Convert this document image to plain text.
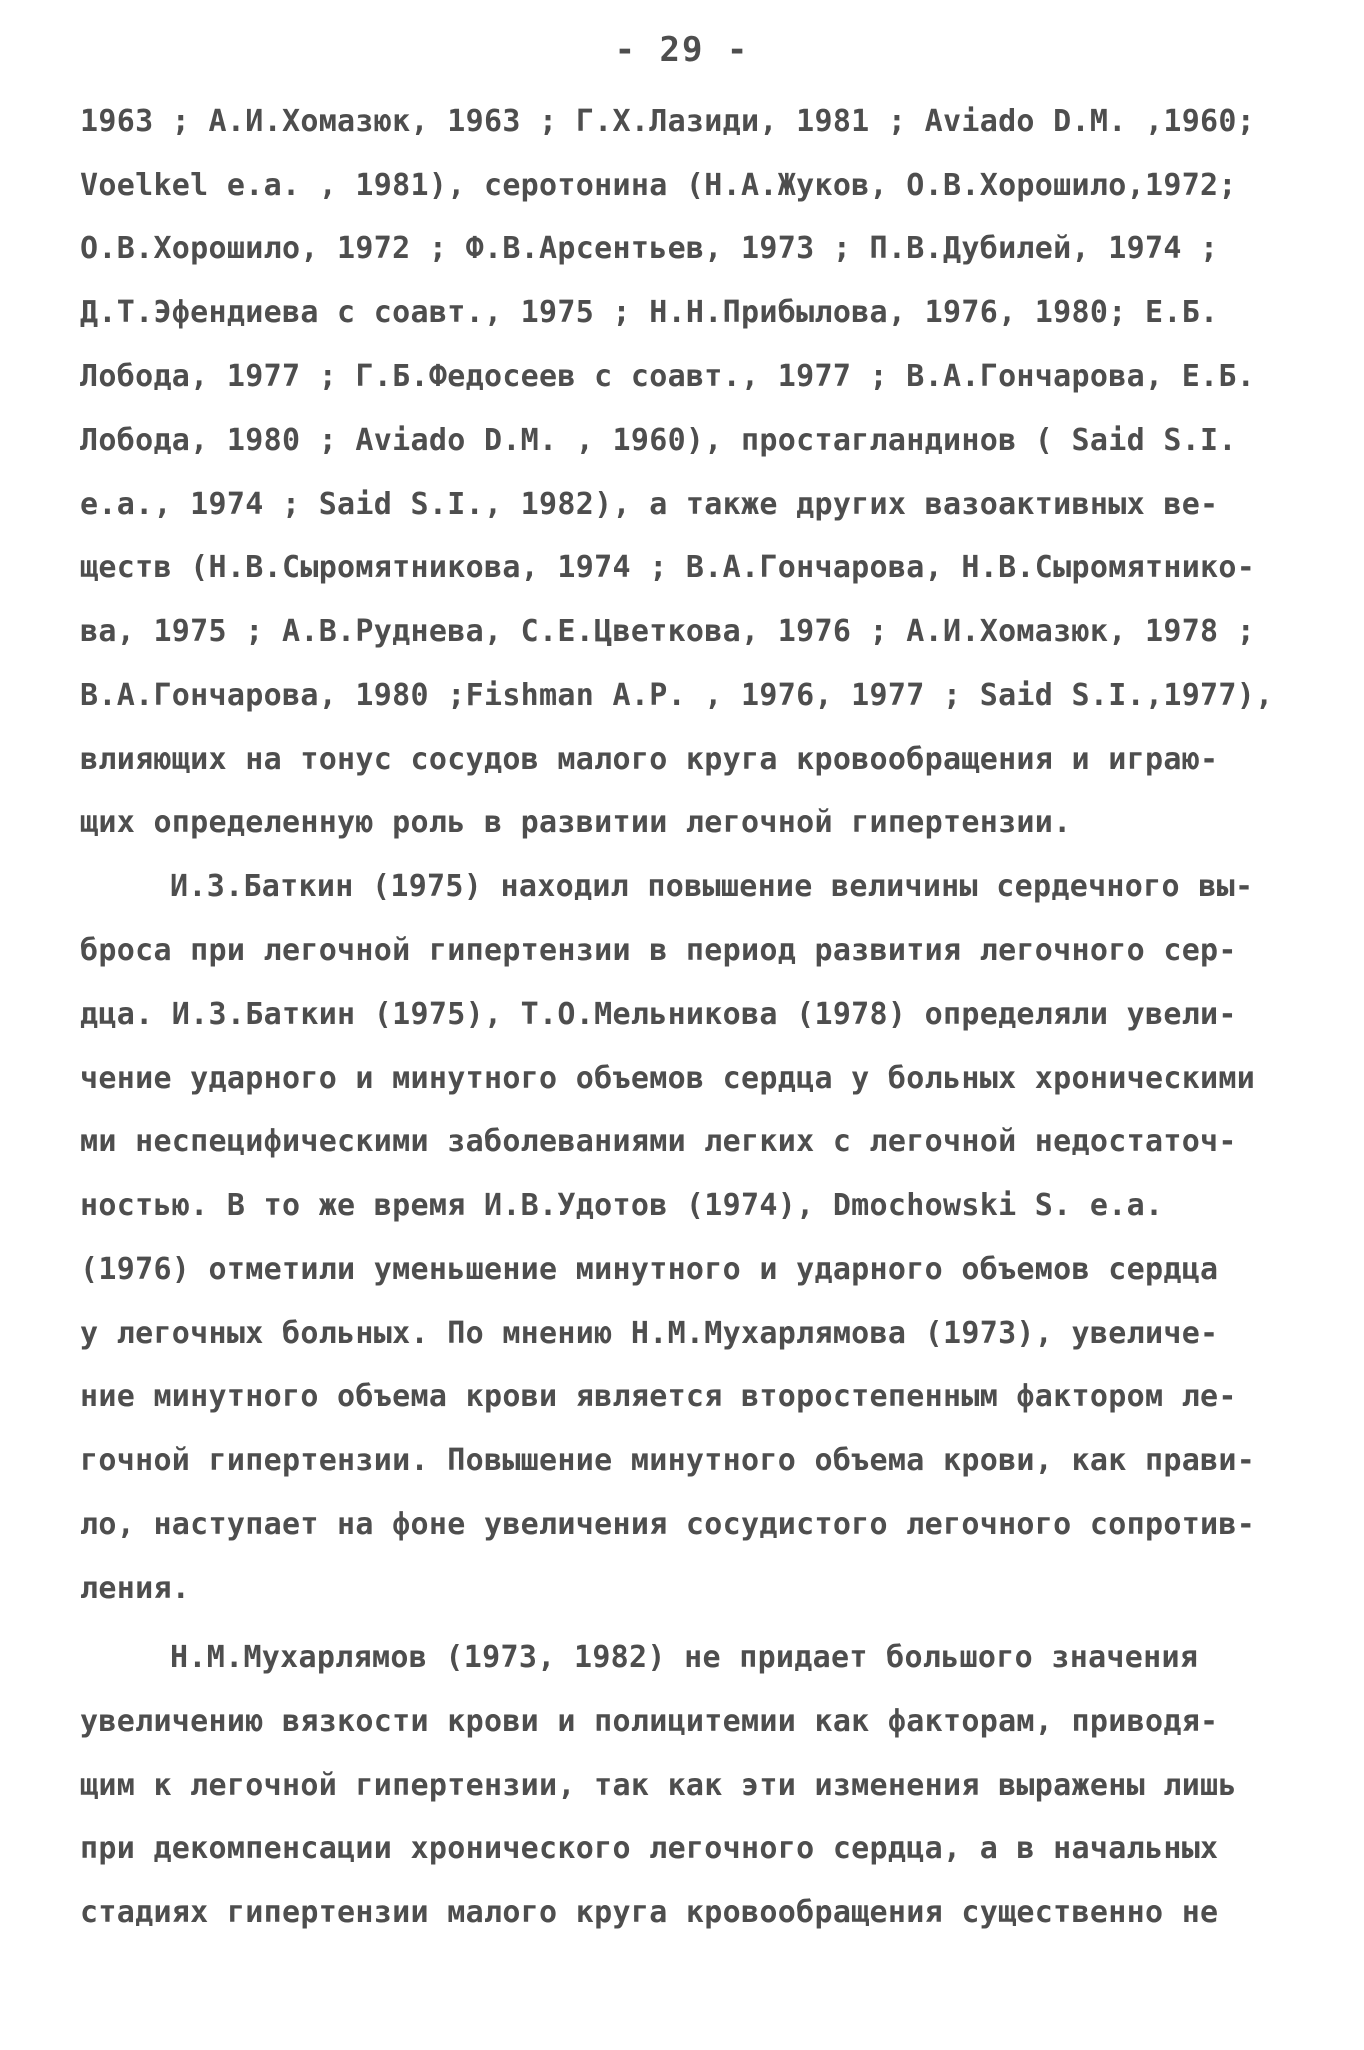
- 29 -
1963 ; А.И.Хомазюк, 1963 ; Г.Х.Лазиди, 1981 ; Aviado D.M. ,1960;
Voelkel e.a. , 1981), серотонина (Н.А.Жуков, О.В.Хорошило,1972;
О.В.Хорошило, 1972 ; Ф.В.Арсентьев, 1973 ; П.В.Дубилей, 1974 ;
Д.Т.Эфендиева с соавт., 1975 ; Н.Н.Прибылова, 1976, 1980; Е.Б.
Лобода, 1977 ; Г.Б.Федосеев с соавт., 1977 ; В.А.Гончарова, Е.Б.
Лобода, 1980 ; Aviado D.M. , 1960), простагландинов ( Said S.I.
e.a., 1974 ; Said S.I., 1982), а также других вазоактивных ве-
ществ (Н.В.Сыромятникова, 1974 ; В.А.Гончарова, Н.В.Сыромятнико-
ва, 1975 ; А.В.Руднева, С.Е.Цветкова, 1976 ; А.И.Хомазюк, 1978 ;
В.А.Гончарова, 1980 ;Fishman A.P. , 1976, 1977 ; Said S.I.,1977),
влияющих на тонус сосудов малого круга кровообращения и играю-
щих определенную роль в развитии легочной гипертензии.
И.З.Баткин (1975) находил повышение величины сердечного вы-
броса при легочной гипертензии в период развития легочного сер-
дца. И.З.Баткин (1975), Т.О.Мельникова (1978) определяли увели-
чение ударного и минутного объемов сердца у больных хроническими
ми неспецифическими заболеваниями легких с легочной недостаточ-
ностью. В то же время И.В.Удотов (1974), Dmochowski S. e.a.
(1976) отметили уменьшение минутного и ударного объемов сердца
у легочных больных. По мнению Н.М.Мухарлямова (1973), увеличе-
ние минутного объема крови является второстепенным фактором ле-
гочной гипертензии. Повышение минутного объема крови, как прави-
ло, наступает на фоне увеличения сосудистого легочного сопротив-
ления.
Н.М.Мухарлямов (1973, 1982) не придает большого значения
увеличению вязкости крови и полицитемии как факторам, приводя-
щим к легочной гипертензии, так как эти изменения выражены лишь
при декомпенсации хронического легочного сердца, а в начальных
стадиях гипертензии малого круга кровообращения существенно не
